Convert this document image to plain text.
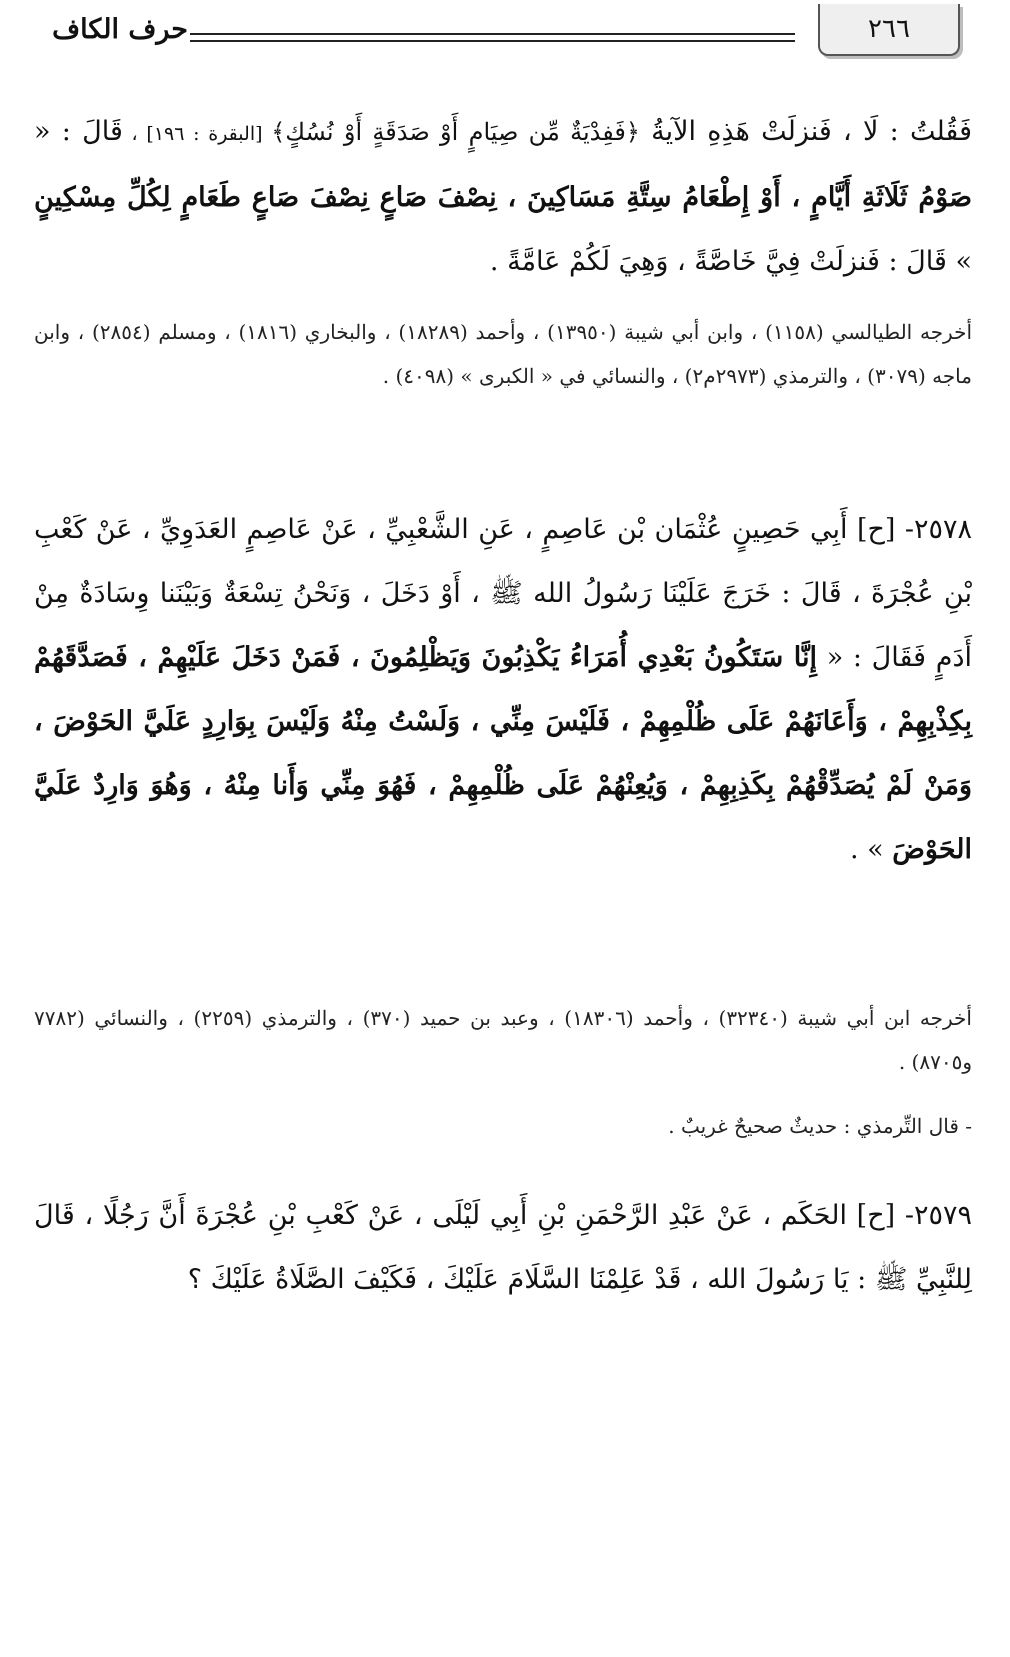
٢٦٦
حرف الكاف
فَقُلتُ : لَا ، فَنزلَتْ هَذِهِ الآيةُ ﴿فَفِدْيَةٌ مِّن صِيَامٍ أَوْ صَدَقَةٍ أَوْ نُسُكٍ﴾ [البقرة : ١٩٦] ، قَالَ : « صَوْمُ ثَلَاثَةِ أَيَّامٍ ، أَوْ إِطْعَامُ سِتَّةِ مَسَاكِينَ ، نِصْفَ صَاعٍ نِصْفَ صَاعٍ طَعَامٍ لِكُلِّ مِسْكِينٍ » قَالَ : فَنزلَتْ فِيَّ خَاصَّةً ، وَهِيَ لَكُمْ عَامَّةً .
أخرجه الطيالسي (١١٥٨) ، وابن أبي شيبة (١٣٩٥٠) ، وأحمد (١٨٢٨٩) ، والبخاري (١٨١٦) ، ومسلم (٢٨٥٤) ، وابن ماجه (٣٠٧٩) ، والترمذي (٢٩٧٣م٢) ، والنسائي في « الكبرى » (٤٠٩٨) .
٢٥٧٨- [ح] أَبِي حَصِينٍ عُثْمَان بْن عَاصِمٍ ، عَنِ الشَّعْبِيِّ ، عَنْ عَاصِمٍ العَدَوِيِّ ، عَنْ كَعْبِ بْنِ عُجْرَةَ ، قَالَ : خَرَجَ عَلَيْنَا رَسُولُ الله ﷺ ، أَوْ دَخَلَ ، وَنَحْنُ تِسْعَةٌ وَبَيْنَنا وِسَادَةٌ مِنْ أَدَمٍ فَقَالَ : « إِنَّا سَتَكُونُ بَعْدِي أُمَرَاءُ يَكْذِبُونَ وَيَظْلِمُونَ ، فَمَنْ دَخَلَ عَلَيْهِمْ ، فَصَدَّقَهُمْ بِكِذْبِهِمْ ، وَأَعَانَهُمْ عَلَى ظُلْمِهِمْ ، فَلَيْسَ مِنِّي ، وَلَسْتُ مِنْهُ وَلَيْسَ بِوَارِدٍ عَلَيَّ الحَوْضَ ، وَمَنْ لَمْ يُصَدِّقْهُمْ بِكَذِبِهِمْ ، وَيُعِنْهُمْ عَلَى ظُلْمِهِمْ ، فَهُوَ مِنِّي وَأَنا مِنْهُ ، وَهُوَ وَارِدٌ عَلَيَّ الحَوْضَ » .
أخرجه ابن أبي شيبة (٣٢٣٤٠) ، وأحمد (١٨٣٠٦) ، وعبد بن حميد (٣٧٠) ، والترمذي (٢٢٥٩) ، والنسائي (٧٧٨٢ و٨٧٠٥) .
- قال التِّرمذي : حديثٌ صحيحٌ غريبٌ .
٢٥٧٩- [ح] الحَكَم ، عَنْ عَبْدِ الرَّحْمَنِ بْنِ أَبِي لَيْلَى ، عَنْ كَعْبِ بْنِ عُجْرَةَ أَنَّ رَجُلًا ، قَالَ لِلنَّبِيِّ ﷺ : يَا رَسُولَ الله ، قَدْ عَلِمْنَا السَّلَامَ عَلَيْكَ ، فَكَيْفَ الصَّلَاةُ عَلَيْكَ ؟
